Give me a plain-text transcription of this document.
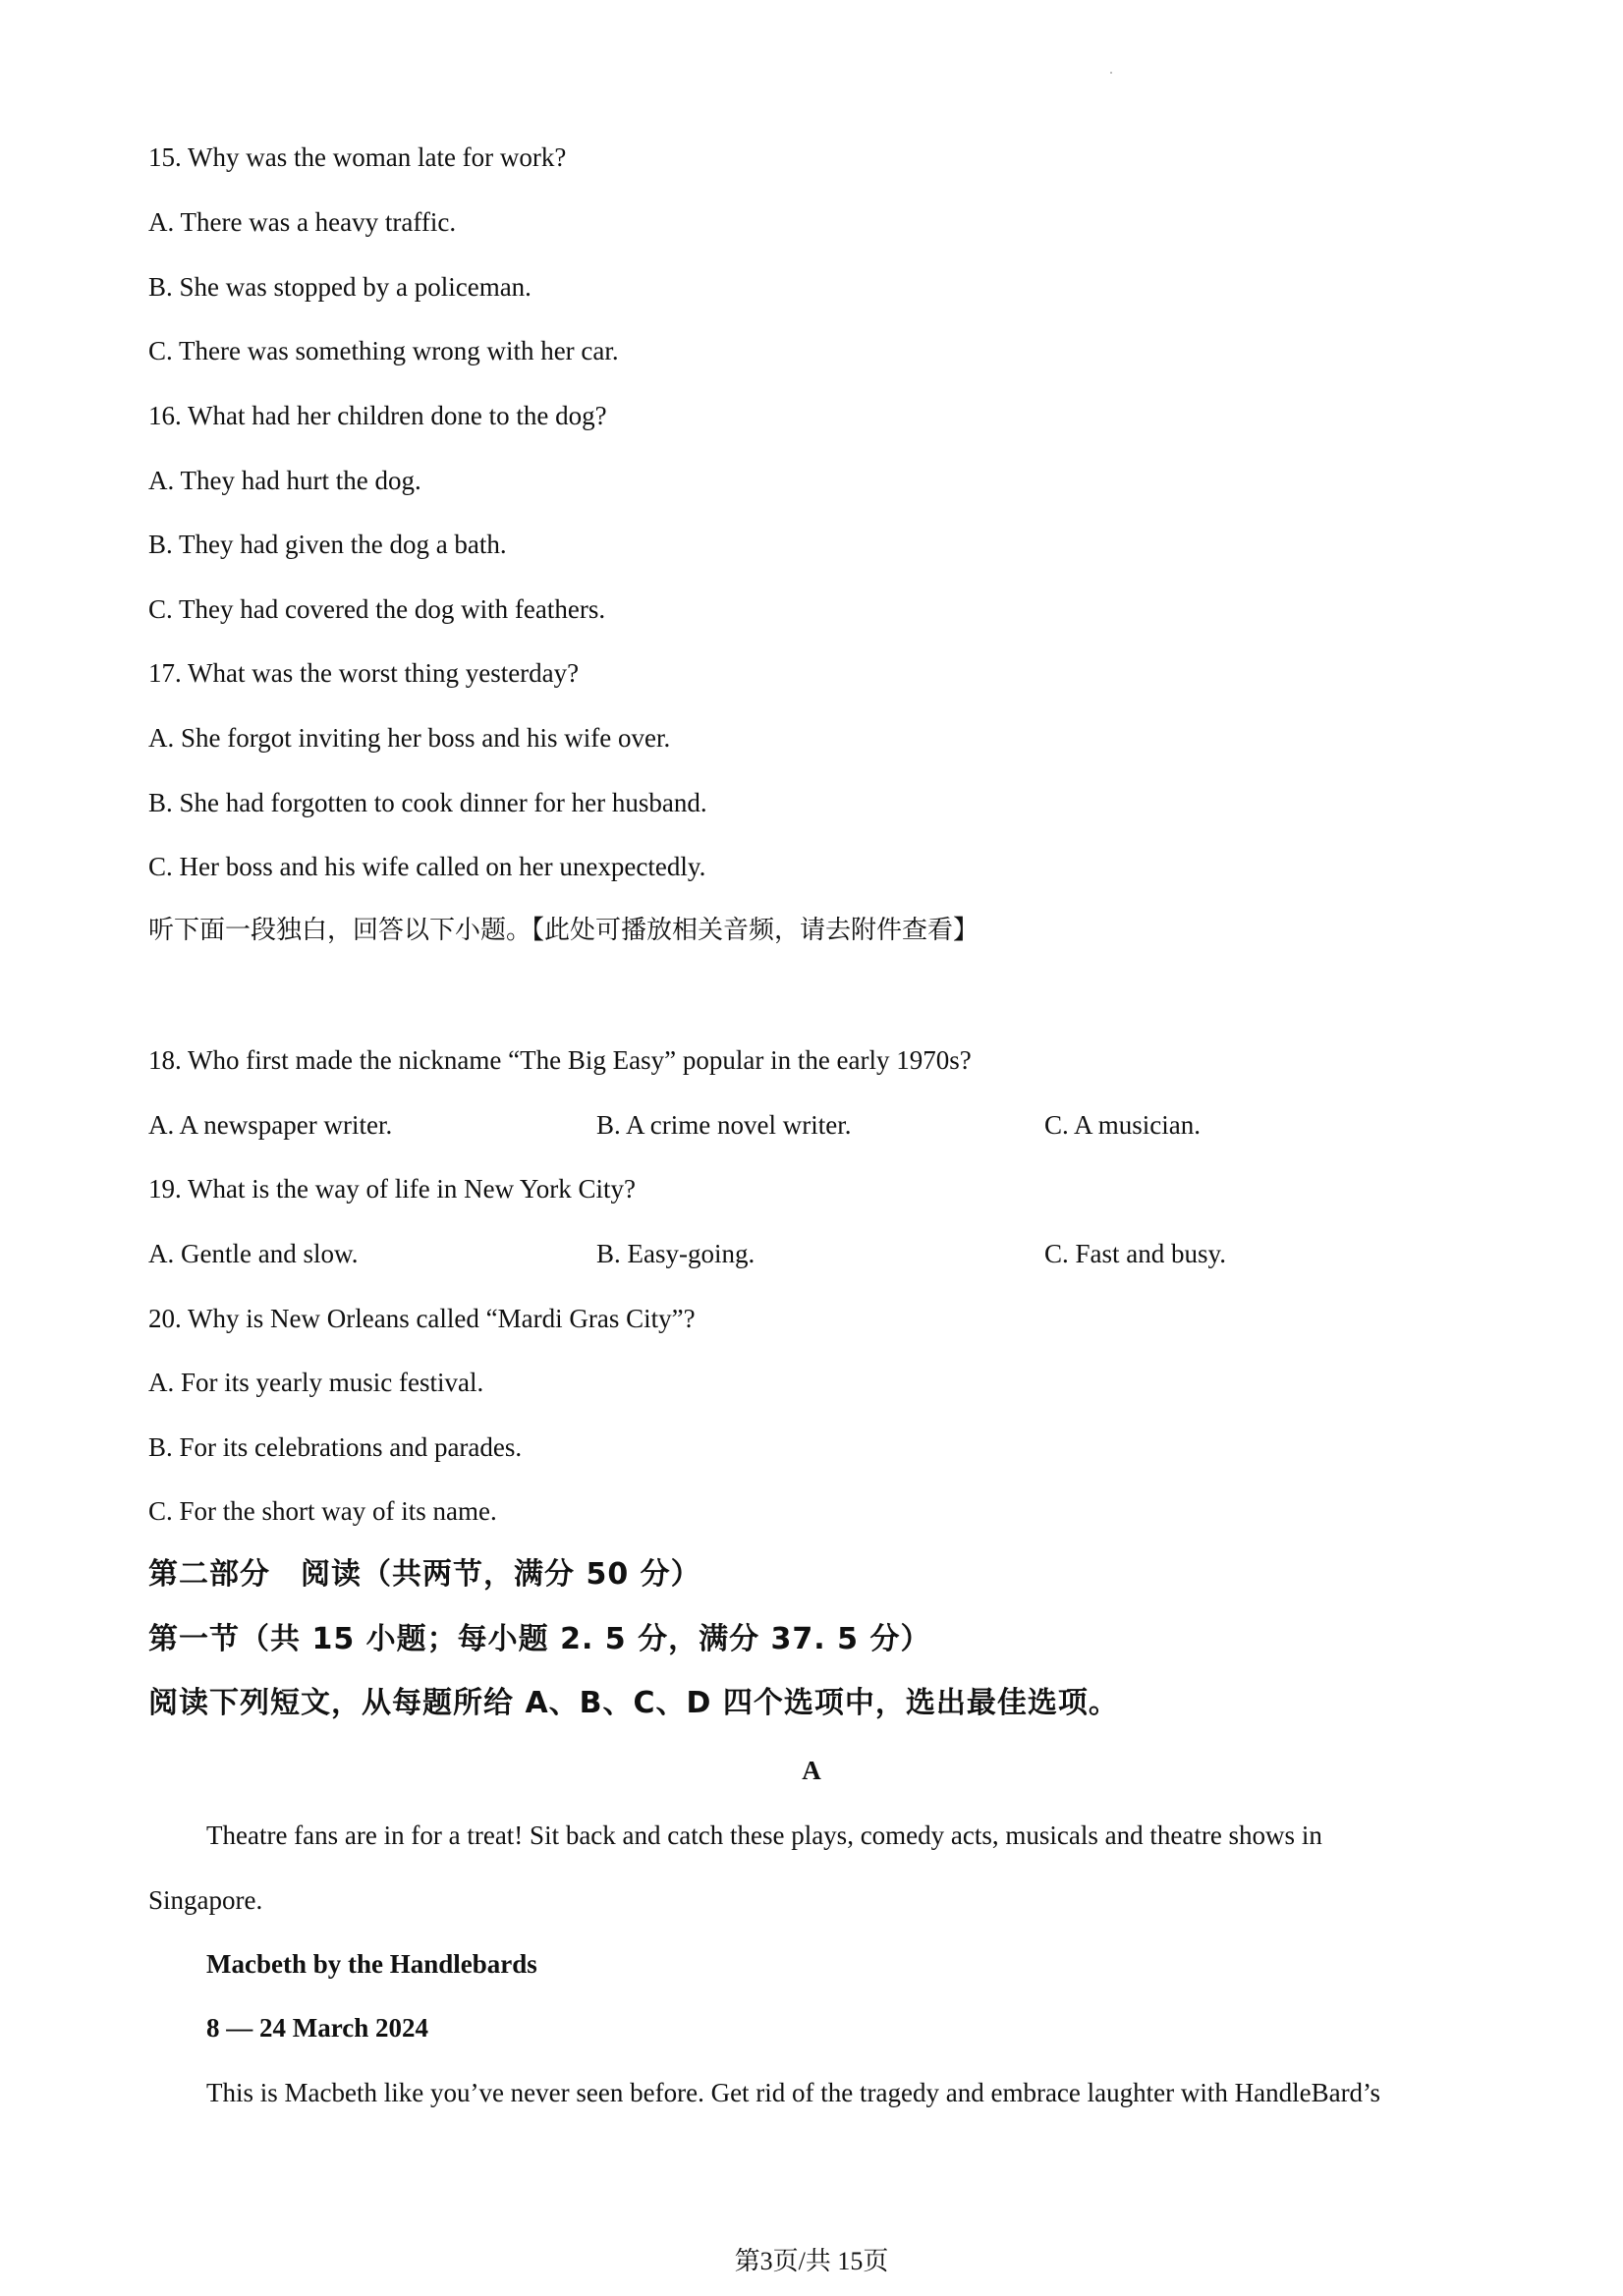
15. Why was the woman late for work?

A. There was a heavy traffic.

B. She was stopped by a policeman.

C. There was something wrong with her car.

16. What had her children done to the dog?

A. They had hurt the dog.

B. They had given the dog a bath.

C. They had covered the dog with feathers.

17. What was the worst thing yesterday?

A. She forgot inviting her boss and his wife over.

B. She had forgotten to cook dinner for her husband.

C. Her boss and his wife called on her unexpectedly.

听下面一段独白，回答以下小题。【此处可播放相关音频，请去附件查看】

18. Who first made the nickname “The Big Easy” popular in the early 1970s?

A. A newspaper writer.	B. A crime novel writer.	C. A musician.

19. What is the way of life in New York City?

A. Gentle and slow.	B. Easy-going.	C. Fast and busy.

20. Why is New Orleans called “Mardi Gras City”?

A. For its yearly music festival.

B. For its celebrations and parades.

C. For the short way of its name.

第二部分　阅读（共两节，满分 50 分）

第一节（共 15 小题；每小题 2. 5 分，满分 37. 5 分）

阅读下列短文，从每题所给 A、B、C、D 四个选项中，选出最佳选项。

A

Theatre fans are in for a treat! Sit back and catch these plays, comedy acts, musicals and theatre shows in

Singapore.

Macbeth by the Handlebards

8 — 24 March 2024

This is Macbeth like you’ve never seen before. Get rid of the tragedy and embrace laughter with HandleBard’s

第3页/共 15页
